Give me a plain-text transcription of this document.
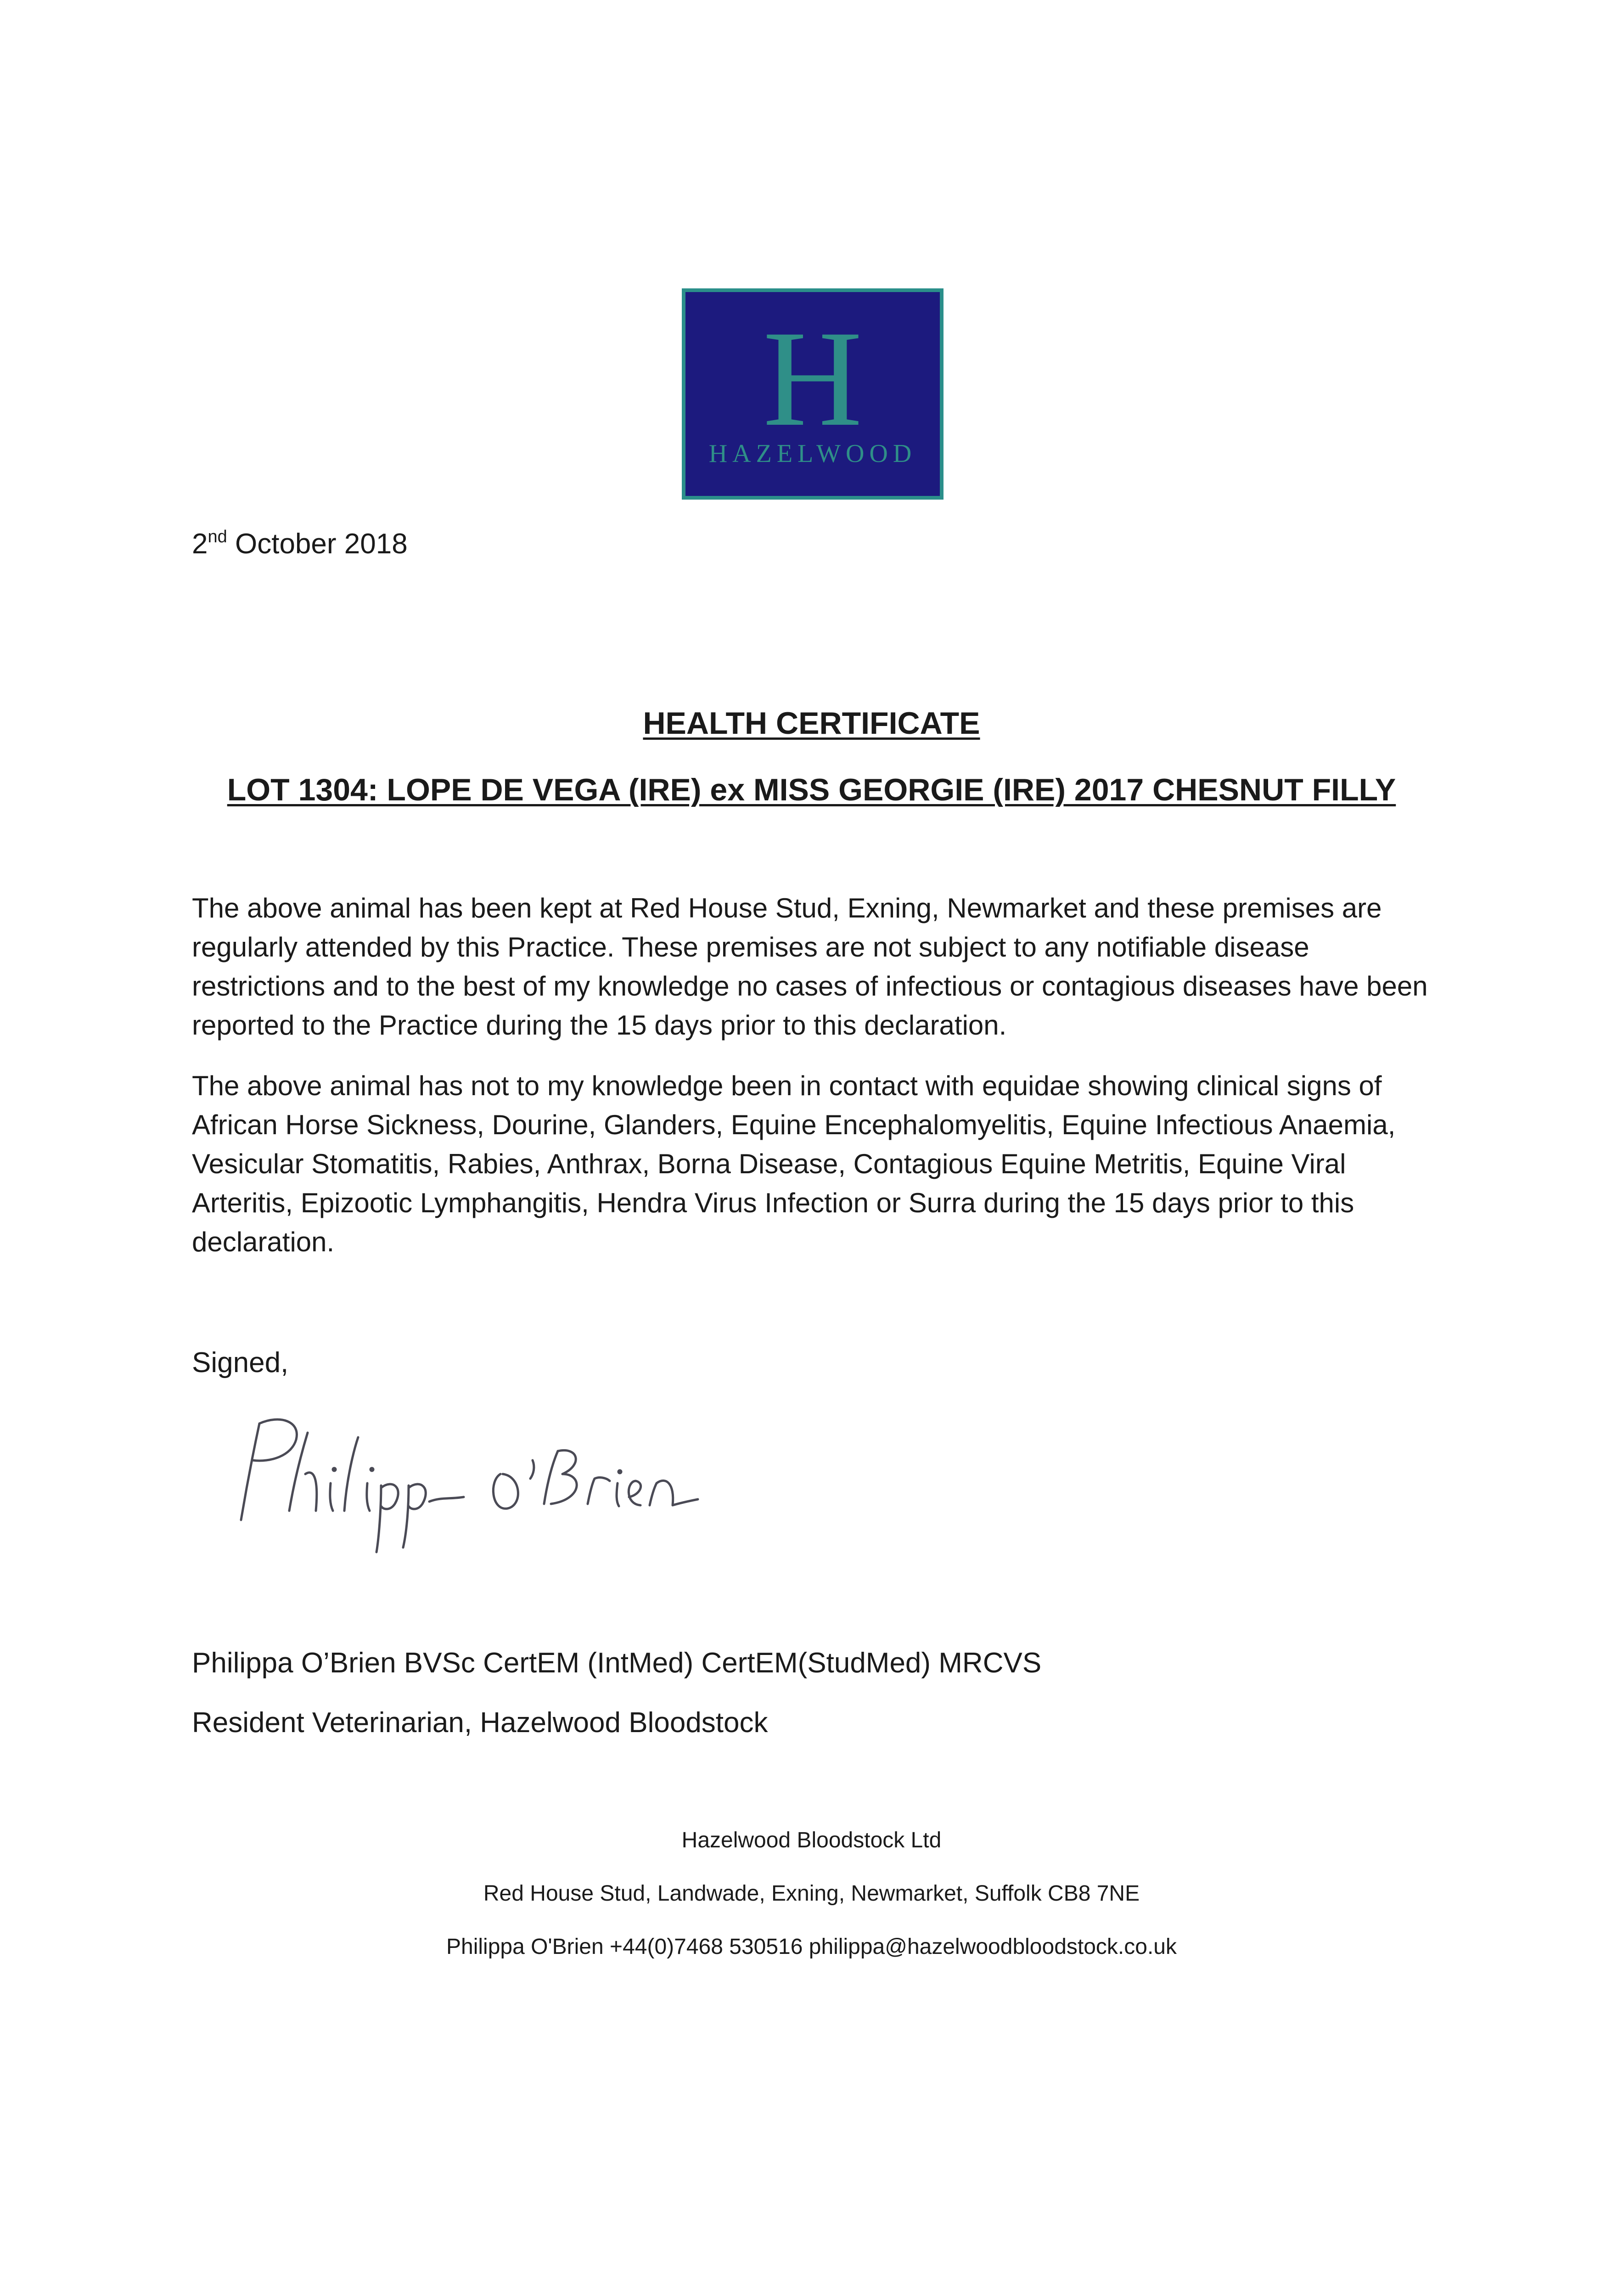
H
HAZELWOOD
2nd October 2018
HEALTH CERTIFICATE
LOT 1304: LOPE DE VEGA (IRE) ex MISS GEORGIE (IRE) 2017 CHESNUT FILLY
The above animal has been kept at Red House Stud, Exning, Newmarket and these premises are regularly attended by this Practice. These premises are not subject to any notifiable disease restrictions and to the best of my knowledge no cases of infectious or contagious diseases have been reported to the Practice during the 15 days prior to this declaration.
The above animal has not to my knowledge been in contact with equidae showing clinical signs of African Horse Sickness, Dourine, Glanders, Equine Encephalomyelitis, Equine Infectious Anaemia, Vesicular Stomatitis, Rabies, Anthrax, Borna Disease, Contagious Equine Metritis, Equine Viral Arteritis, Epizootic Lymphangitis, Hendra Virus Infection or Surra during the 15 days prior to this declaration.
Signed,
Philippa O’Brien BVSc CertEM (IntMed) CertEM(StudMed) MRCVS
Resident Veterinarian, Hazelwood Bloodstock
Hazelwood Bloodstock Ltd
Red House Stud, Landwade, Exning, Newmarket, Suffolk CB8 7NE
Philippa O'Brien +44(0)7468 530516 philippa@hazelwoodbloodstock.co.uk
